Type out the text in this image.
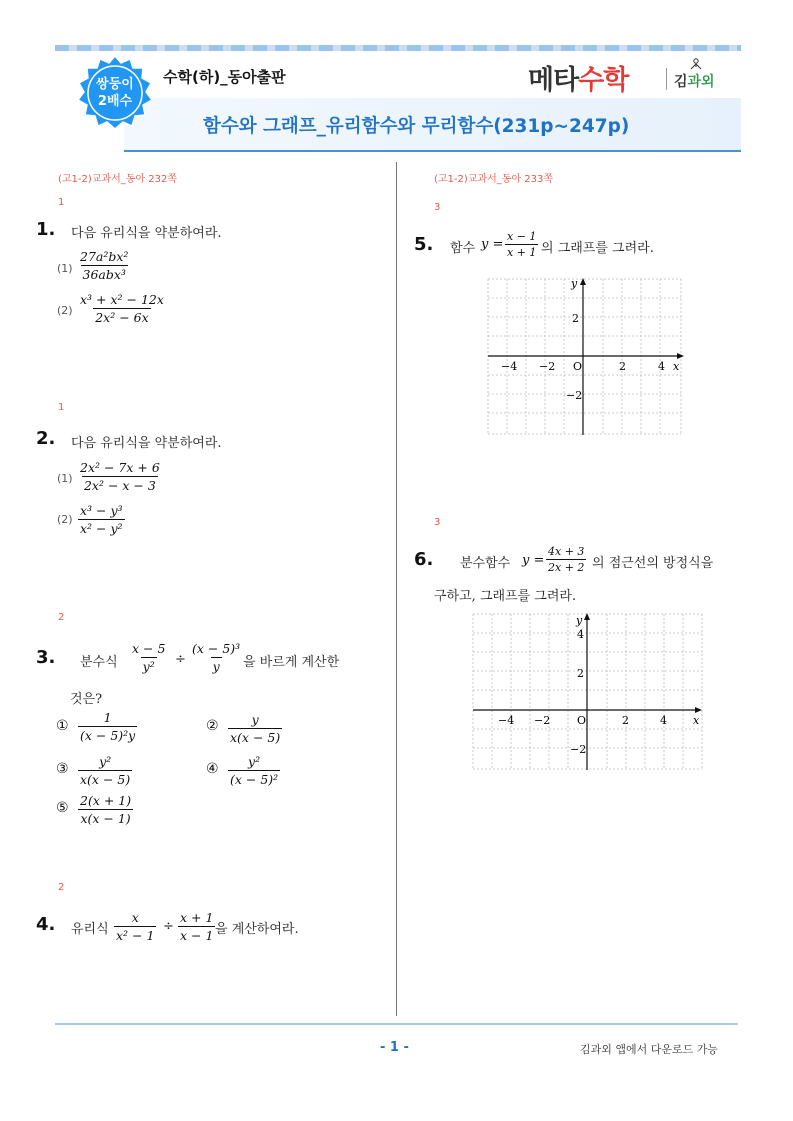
쌍둥이
2배수
수학(하)_동아출판	메타수학	김과외
함수와 그래프_유리함수와 무리함수(231p~247p)
(고1-2)교과서_동아 232쪽
1
1. 다음 유리식을 약분하여라.
(1)
27a²bx²
36abx³
$(2) \frac{\text{x³ + x² − 12x}}{\text{2x² − 6x}}$
1
2. 다음 유리식을 약분하여라.
$(1) \frac{\text{2x² − 7x + 6}}{\text{2x² − x − 3}}$
$(2) \frac{\text{x³ − y³}}{\text{x² − y²}}$
2
3. 분수식 $\frac{x - 5}{\text{y²}} \div \frac{\text{(x − 5)³}}{y}$ 을 바르게 계산한
것은?
① $\frac{1}{\text{(x − 5)²y}}$	② $\frac{y}{x(x - 5)}$
③ $\frac{\text{y²}}{x(x - 5)}$	④ $\frac{\text{y²}}{\text{(x − 5)²}}$
⑤ $\frac{2(x + 1)}{x(x - 1)}$
2
4. 유리식 $\frac{x}{\text{x² − 1}} \div \frac{x + 1}{x - 1}$ 을 계산하여라.
(고1-2)교과서_동아 233쪽
3
5. 함수 $y = \frac{x - 1}{x + 1}$ 의 그래프를 그려라.
−4 −2 O	2	4 x
y
2
−2
3
6. 분수함수 $y = \frac{4x + 3}{2x + 2}$ 의 점근선의 방정식을
구하고, 그래프를 그려라.
−4 −2 O	2	4 x
y
4
2
−2
- 1 -	김과외 앱에서 다운로드 가능
